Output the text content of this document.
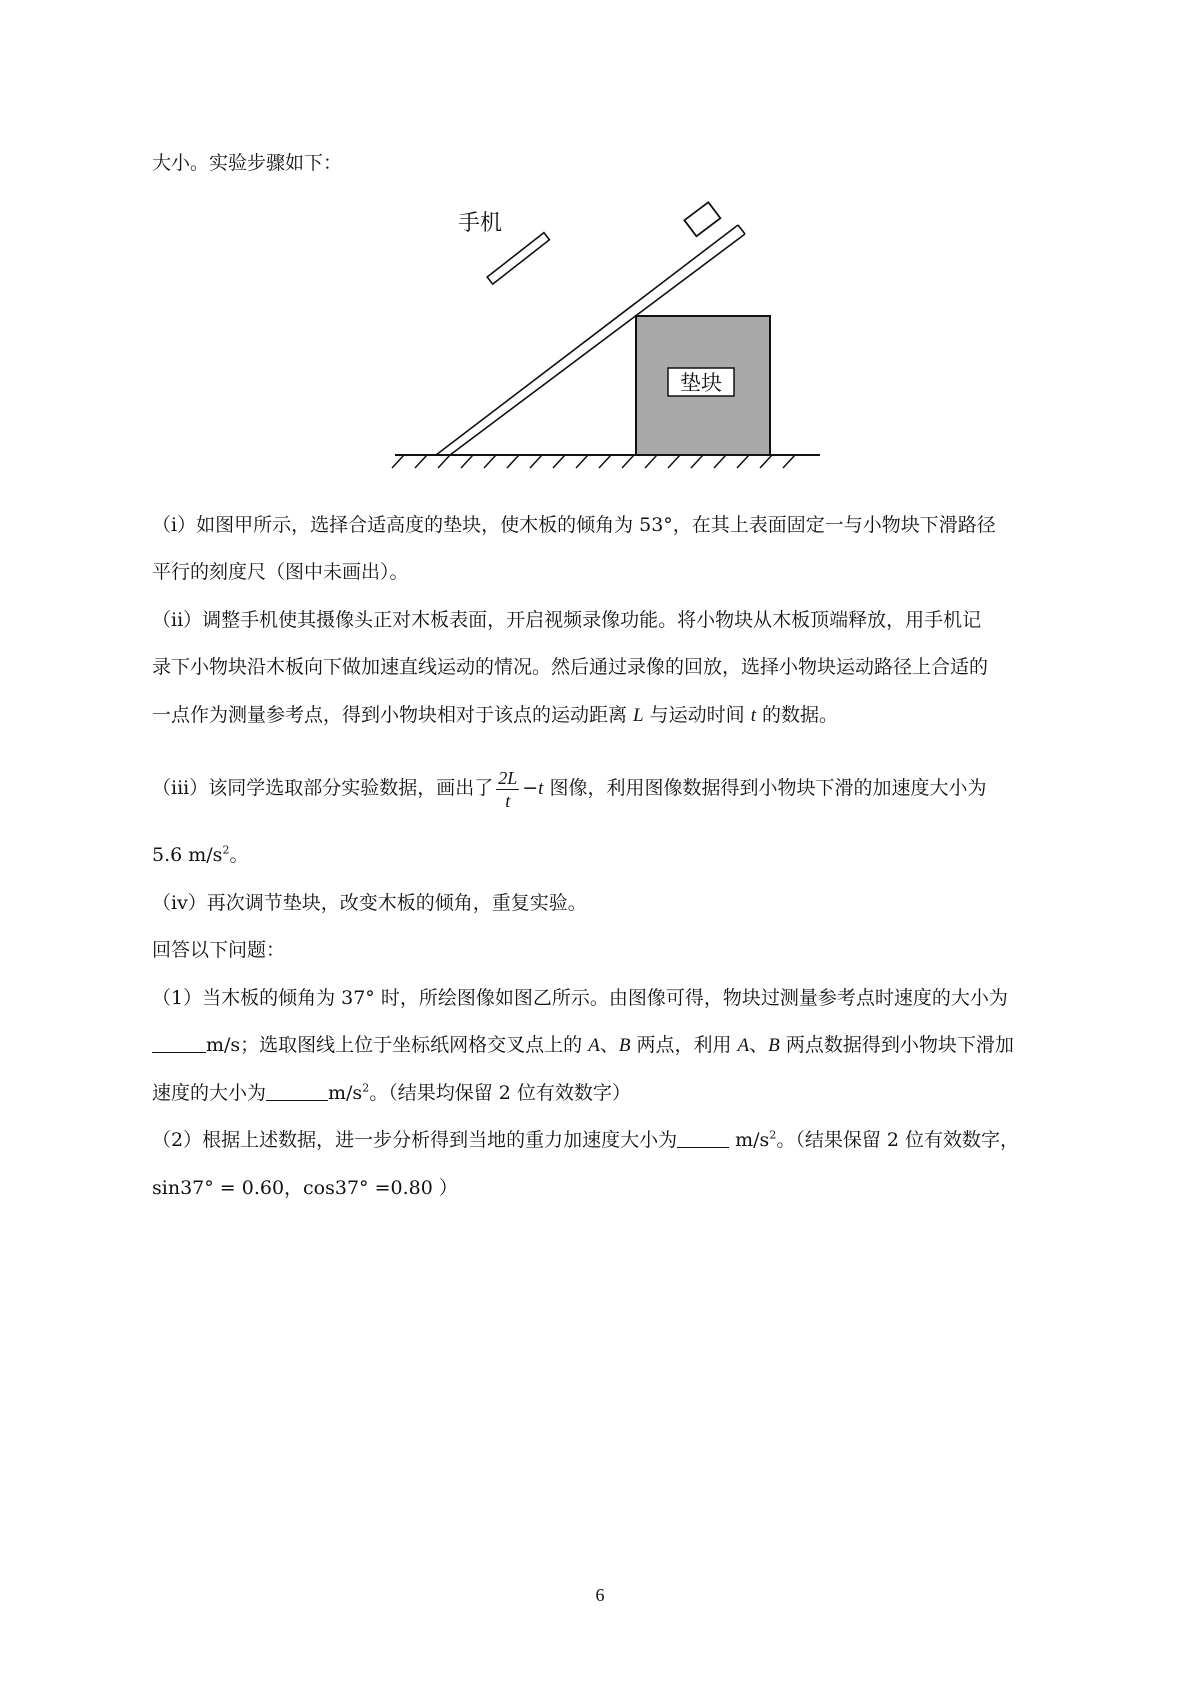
大小。实验步骤如下：
垫块
手机
（i）如图甲所示，选择合适高度的垫块，使木板的倾角为 53°，在其上表面固定一与小物块下滑路径
平行的刻度尺（图中未画出）。
（ii）调整手机使其摄像头正对木板表面，开启视频录像功能。将小物块从木板顶端释放，用手机记
录下小物块沿木板向下做加速直线运动的情况。然后通过录像的回放，选择小物块运动路径上合适的
一点作为测量参考点，得到小物块相对于该点的运动距离 L 与运动时间 t 的数据。
（iii）该同学选取部分实验数据，画出了 $\frac{2L}{t} -t$ 图像，利用图像数据得到小物块下滑的加速度大小为
5.6 $m/s^2$。
（iv）再次调节垫块，改变木板的倾角，重复实验。
回答以下问题：
（1）当木板的倾角为 37° 时，所绘图像如图乙所示。由图像可得，物块过测量参考点时速度的大小为
m/s；选取图线上位于坐标纸网格交叉点上的 A、B 两点，利用 A、B 两点数据得到小物块下滑加
速度的大小为	$m/s^2$。（结果均保留 2 位有效数字）
（2）根据上述数据，进一步分析得到当地的重力加速度大小为	$m/s^2$。（结果保留 2 位有效数字，
sin37° = 0.60，cos37° =0.80 ）
6
